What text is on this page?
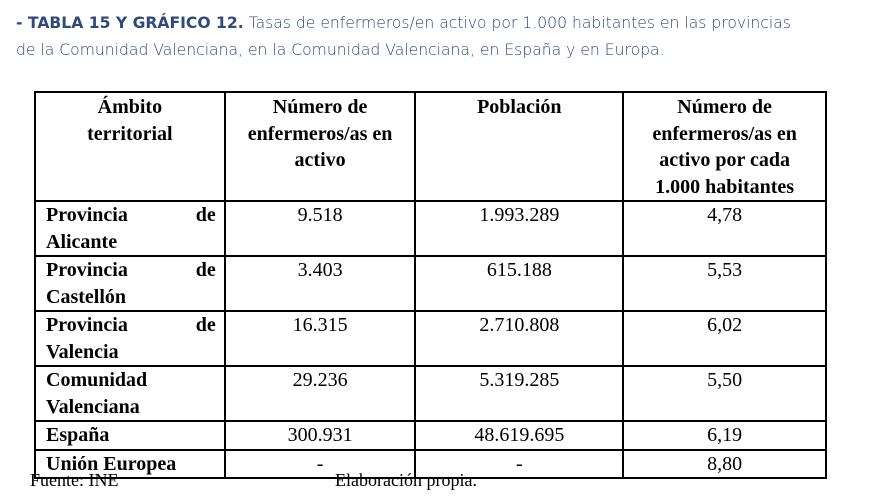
- TABLA 15 Y GRÁFICO 12. Tasas de enfermeros/en activo por 1.000 habitantes en las provincias
de la Comunidad Valenciana, en la Comunidad Valenciana, en España y en Europa.
Ámbito
territorial	Número de
enfermeros/as en
activo	Población	Número de
enfermeros/as en
activo por cada
1.000 habitantes

Provincia de
Alicante	9.518	1.993.289	4,78

Provincia de
Castellón	3.403	615.188	5,53

Provincia de
Valencia	16.315	2.710.808	6,02

Comunidad
Valenciana	29.236	5.319.285	5,50
España	300.931	48.619.695	6,19
Unión Europea	-	-	8,80
Fuente: INE	Elaboración propia.
